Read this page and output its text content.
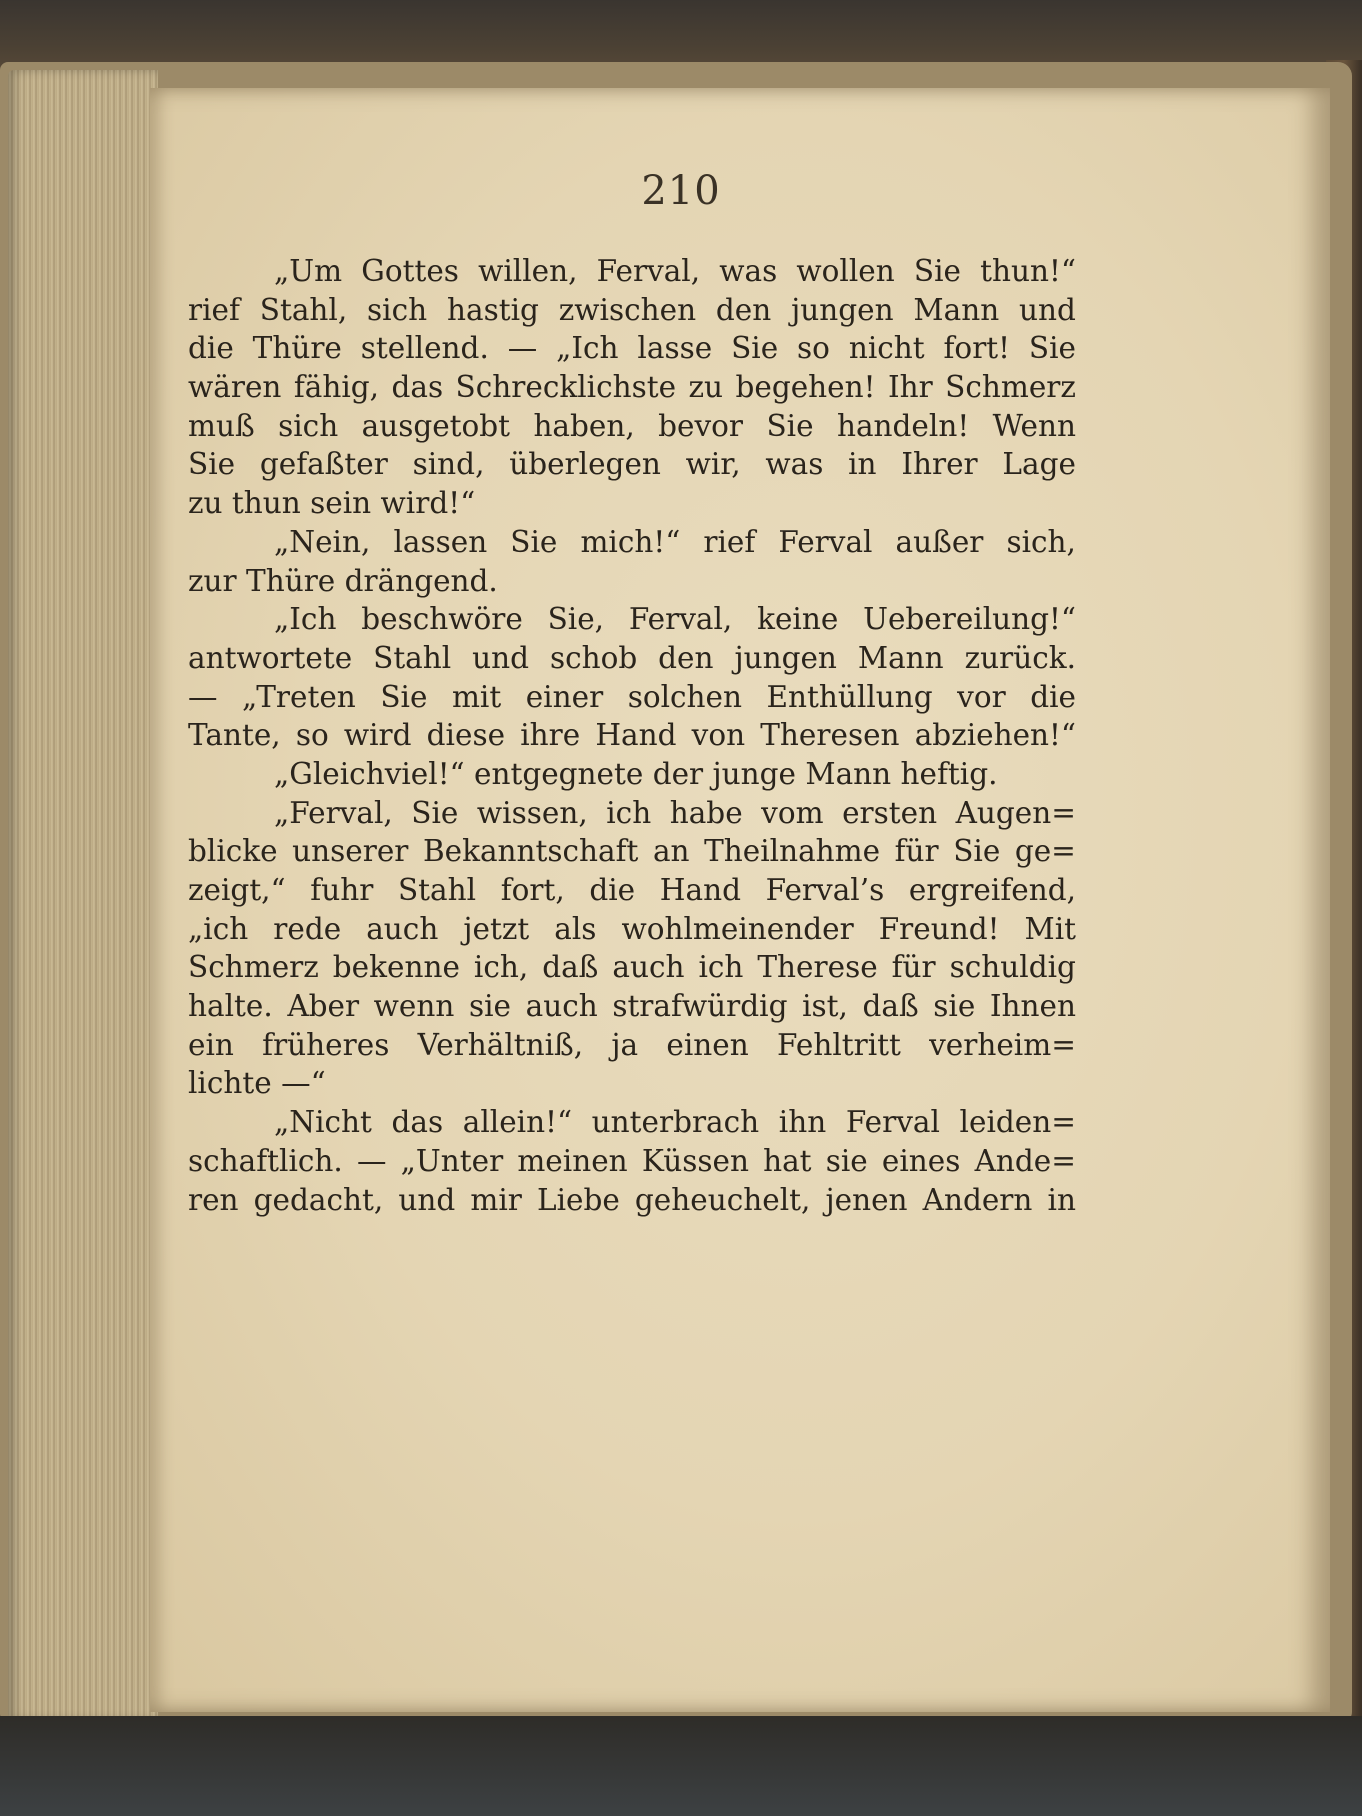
210
„Um Gottes willen, Ferval, was wollen Sie thun!“
rief Stahl, sich hastig zwischen den jungen Mann und
die Thüre stellend. — „Ich lasse Sie so nicht fort! Sie
wären fähig, das Schrecklichste zu begehen! Ihr Schmerz
muß sich ausgetobt haben, bevor Sie handeln! Wenn
Sie gefaßter sind, überlegen wir, was in Ihrer Lage
zu thun sein wird!“
„Nein, lassen Sie mich!“ rief Ferval außer sich,
zur Thüre drängend.
„Ich beschwöre Sie, Ferval, keine Uebereilung!“
antwortete Stahl und schob den jungen Mann zurück.
— „Treten Sie mit einer solchen Enthüllung vor die
Tante, so wird diese ihre Hand von Theresen abziehen!“
„Gleichviel!“ entgegnete der junge Mann heftig.
„Ferval, Sie wissen, ich habe vom ersten Augen=
blicke unserer Bekanntschaft an Theilnahme für Sie ge=
zeigt,“ fuhr Stahl fort, die Hand Ferval’s ergreifend,
„ich rede auch jetzt als wohlmeinender Freund! Mit
Schmerz bekenne ich, daß auch ich Therese für schuldig
halte. Aber wenn sie auch strafwürdig ist, daß sie Ihnen
ein früheres Verhältniß, ja einen Fehltritt verheim=
lichte —“
„Nicht das allein!“ unterbrach ihn Ferval leiden=
schaftlich. — „Unter meinen Küssen hat sie eines Ande=
ren gedacht, und mir Liebe geheuchelt, jenen Andern in
